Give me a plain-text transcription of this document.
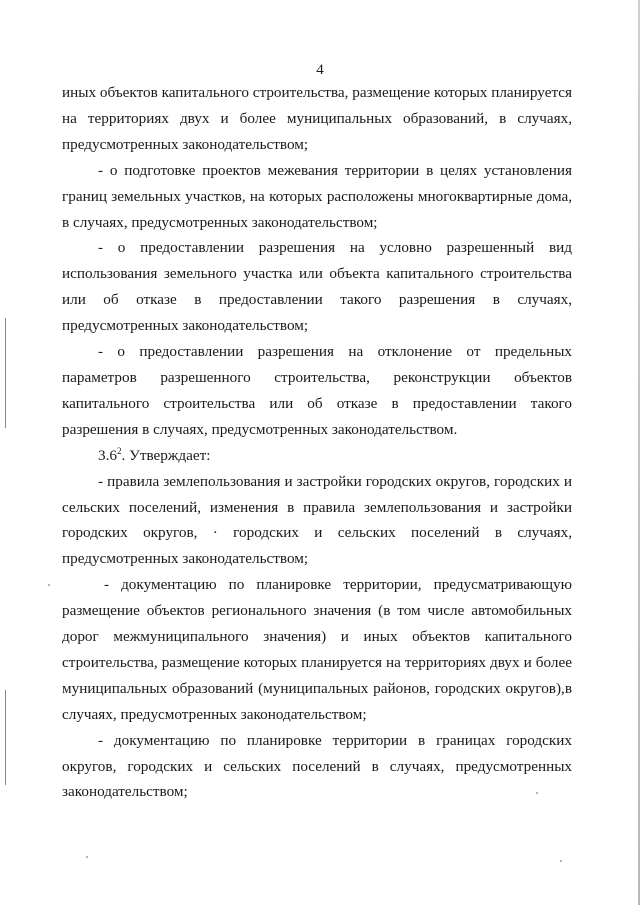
4

иных объектов капитального строительства, размещение которых планируется на территориях двух и более муниципальных образований, в случаях, предусмотренных законодательством;

- о подготовке проектов межевания территории в целях установления границ земельных участков, на которых расположены многоквартирные дома, в случаях, предусмотренных законодательством;

- о предоставлении разрешения на условно разрешенный вид использования земельного участка или объекта капитального строительства или об отказе в предоставлении такого разрешения в случаях, предусмотренных законодательством;

- о предоставлении разрешения на отклонение от предельных параметров разрешенного строительства, реконструкции объектов капитального строительства или об отказе в предоставлении такого разрешения в случаях, предусмотренных законодательством.

$3.6^2$. Утверждает:

- правила землепользования и застройки городских округов, городских и сельских поселений, изменения в правила землепользования и застройки городских округов, · городских и сельских поселений в случаях, предусмотренных законодательством;

- документацию по планировке территории, предусматривающую размещение объектов регионального значения (в том числе автомобильных дорог межмуниципального значения) и иных объектов капитального строительства, размещение которых планируется на территориях двух и более муниципальных образований (муниципальных районов, городских округов),в случаях, предусмотренных законодательством;

- документацию по планировке территории в границах городских округов, городских и сельских поселений в случаях, предусмотренных законодательством;
